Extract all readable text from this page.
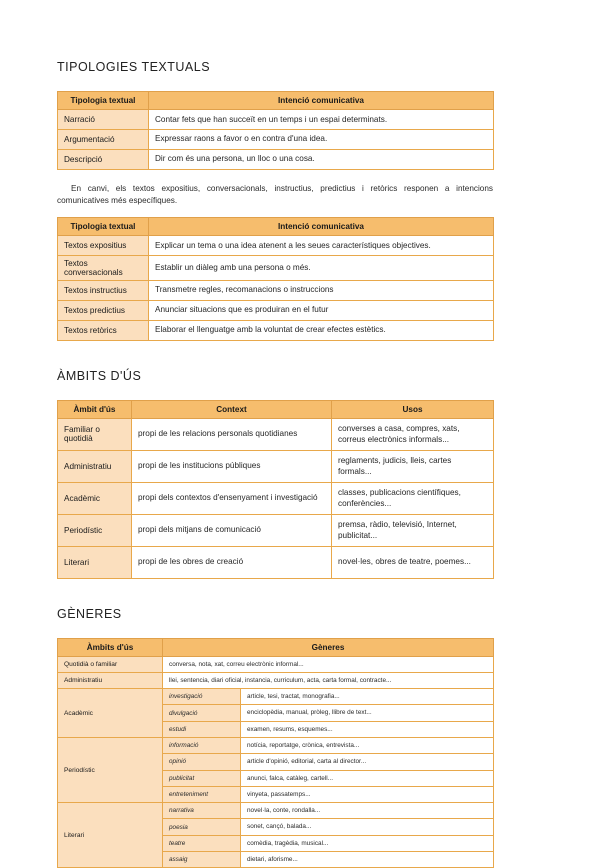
TIPOLOGIES TEXTUALS
Tipologia textual	Intenció comunicativa
Narració	Contar fets que han succeït en un temps i un espai determinats.
Argumentació	Expressar raons a favor o en contra d'una idea.
Descripció	Dir com és una persona, un lloc o una cosa.

En canvi, els textos expositius, conversacionals, instructius, predictius i retòrics responen a intencions comunicatives més específiques.

Tipologia textual	Intenció comunicativa
Textos expositius	Explicar un tema o una idea atenent a les seues característiques objectives.
Textos conversacionals	Establir un diàleg amb una persona o més.
Textos instructius	Transmetre regles, recomanacions o instruccions
Textos predictius	Anunciar situacions que es produiran en el futur
Textos retòrics	Elaborar el llenguatge amb la voluntat de crear efectes estètics.
ÀMBITS D'ÚS
Àmbit d'ús	Context	Usos
Familiar o quotidià	propi de les relacions personals quotidianes	converses a casa, compres, xats, correus electrònics informals...
Administratiu	propi de les institucions públiques	reglaments, judicis, lleis, cartes formals...
Acadèmic	propi dels contextos d'ensenyament i investigació	classes, publicacions científiques, conferències...
Periodístic	propi dels mitjans de comunicació	premsa, ràdio, televisió, Internet, publicitat...
Literari	propi de les obres de creació	novel·les, obres de teatre, poemes...
GÈNERES
Àmbits d'ús	Gèneres	
Quotidià o familiar	conversa, nota, xat, correu electrònic informal...	
Administratiu	llei, sentencia, diari oficial, instancia, curriculum, acta, carta formal, contracte...	
Acadèmic	investigació	article, tesi, tractat, monografia...
	divulgació	enciclopèdia, manual, pròleg, llibre de text...
	estudi	examen, resums, esquemes...
Periodístic	informació	notícia, reportatge, crònica, entrevista...
	opinió	article d'opinió, editorial, carta al director...
	publicitat	anunci, falca, catàleg, cartell...
	entreteniment	vinyeta, passatemps...
Literari	narrativa	novel·la, conte, rondalla...
	poesia	sonet, cançó, balada...
	teatre	comèdia, tragèdia, musical...
	assaig	dietari, aforisme...
